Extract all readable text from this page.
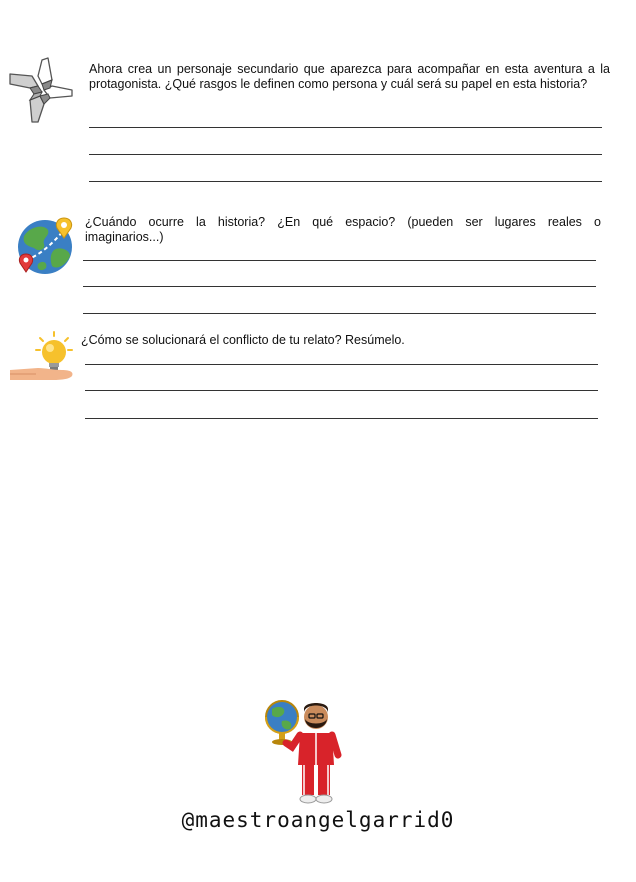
Ahora crea un personaje secundario que aparezca para acompañar en esta aventura a la protagonista. ¿Qué rasgos le definen como persona y cuál será su papel en esta historia?

¿Cuándo ocurre la historia? ¿En qué espacio? (pueden ser lugares reales o imaginarios...)

¿Cómo se solucionará el conflicto de tu relato? Resúmelo.

@maestroangelgarrid0
